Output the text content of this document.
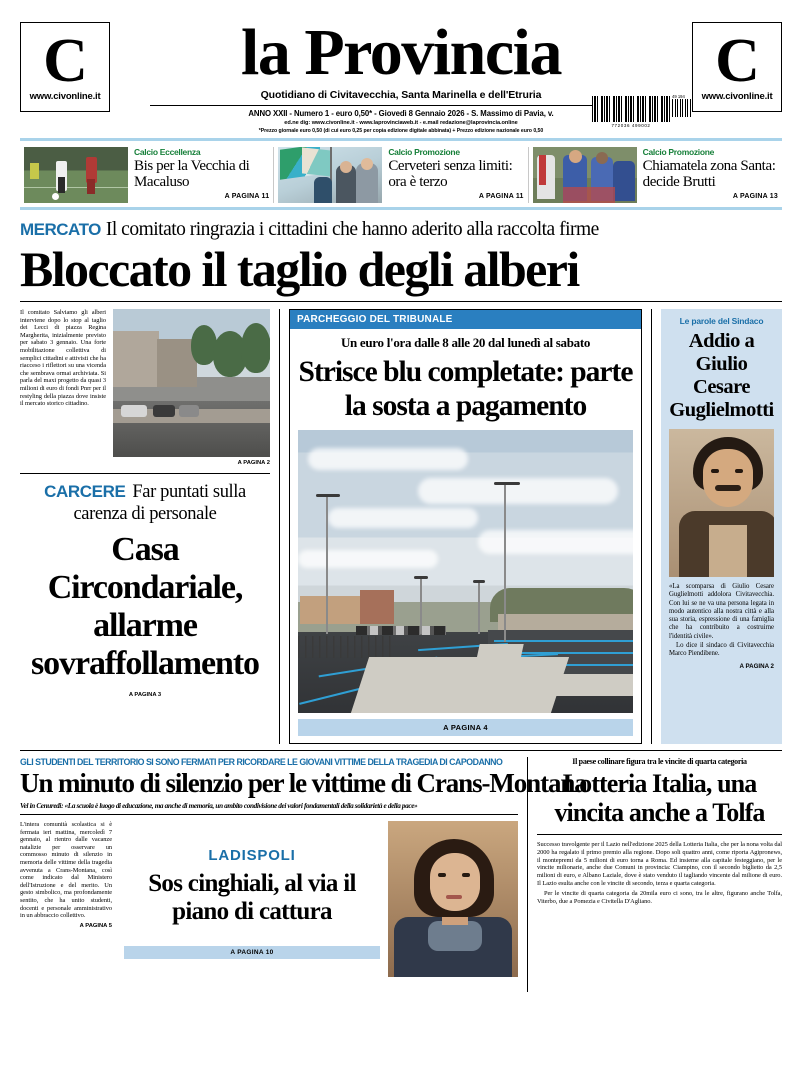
C
www.civonline.it
la Provincia
Quotidiano di Civitavecchia, Santa Marinella e dell'Etruria
ANNO XXII - Numero 1 - euro 0,50* - Giovedì 8 Gennaio 2026 - S. Massimo di Pavia, v.
ed.ne dig: www.civonline.it - www.laprovinciaweb.it - e.mail redazione@laprovincia.online
*Prezzo giornale euro 0,50 (di cui euro 0,25 per copia edizione digitale abbinata) + Prezzo edizione nazionale euro 0,50
C
www.civonline.it
772036 499002
49 194
Calcio Eccellenza
Bis per la Vecchia di Macaluso
A PAGINA 11
Calcio Promozione
Cerveteri senza limiti: ora è terzo
A PAGINA 11
Calcio Promozione
Chiamatela zona Santa: decide Brutti
A PAGINA 13
MERCATO Il comitato ringrazia i cittadini che hanno aderito alla raccolta firme
Bloccato il taglio degli alberi
Il comitato Salviamo gli alberi interviene dopo lo stop al taglio dei Lecci di piazza Regina Margherita, inizialmente previsto per sabato 3 gennaio. Una forte mobilitazione collettiva di semplici cittadini e attivisti che ha riacceso i riflettori su una vicenda che sembrava ormai archiviata. Si parla del maxi progetto da quasi 3 milioni di euro di fondi Pnrr per il restyling della piazza dove insiste il mercato storico cittadino.
A PAGINA 2
CARCERE Far puntati sulla carenza di personale
Casa Circondariale, allarme sovraffollamento
A PAGINA 3
PARCHEGGIO DEL TRIBUNALE
Un euro l'ora dalle 8 alle 20 dal lunedì al sabato
Strisce blu completate: parte la sosta a pagamento
A PAGINA 4
Le parole del Sindaco
Addio a Giulio Cesare Guglielmotti

«La scomparsa di Giulio Cesare Guglielmotti addolora Civitavecchia. Con lui se ne va una persona legata in modo autentico alla nostra città e alla sua storia, espressione di una famiglia che ha contribuito a costruirne l'identità civile».

Lo dice il sindaco di Civitavecchia Marco Piendibene.

A PAGINA 2
GLI STUDENTI DEL TERRITORIO SI SONO FERMATI PER RICORDARE LE GIOVANI VITTIME DELLA TRAGEDIA DI CAPODANNO
Un minuto di silenzio per le vittime di Crans-Montana
Vel in Cenuredi: «La scuola è luogo di educazione, ma anche di memoria, un ambito condivisione dei valori fondamentali della solidarietà e della pace»
L'intera comunità scolastica si è fermata ieri mattina, mercoledì 7 gennaio, al rientro dalle vacanze natalizie per osservare un commosso minuto di silenzio in memoria delle vittime della tragedia avvenuta a Crans-Montana, così come indicato dal Ministero dell'Istruzione e del merito. Un gesto simbolico, ma profondamente sentito, che ha unito studenti, docenti e personale amministrativo in un abbraccio collettivo.
A PAGINA 5
LADISPOLI
Sos cinghiali, al via il piano di cattura
A PAGINA 10
Il paese collinare figura tra le vincite di quarta categoria
Lotteria Italia, una vincita anche a Tolfa

Successo travolgente per il Lazio nell'edizione 2025 della Lotteria Italia, che per la nona volta dal 2000 ha regalato il primo premio alla regione. Dopo soli quattro anni, come riporta Agipronews, il montepremi da 5 milioni di euro torna a Roma. Ed insieme alla capitale festeggiano, per le vincite milionarie, anche due Comuni in provincia: Ciampino, con il secondo biglietto da 2,5 milioni di euro, e Albano Laziale, dove è stato venduto il tagliando vincente dal milione di euro. Il Lazio esulta anche con le vincite di secondo, terza e quarta categoria.

Per le vincite di quarta categoria da 20mila euro ci sono, tra le altre, figurano anche Tolfa, Viterbo, due a Pomezia e Civitella D'Agliano.
